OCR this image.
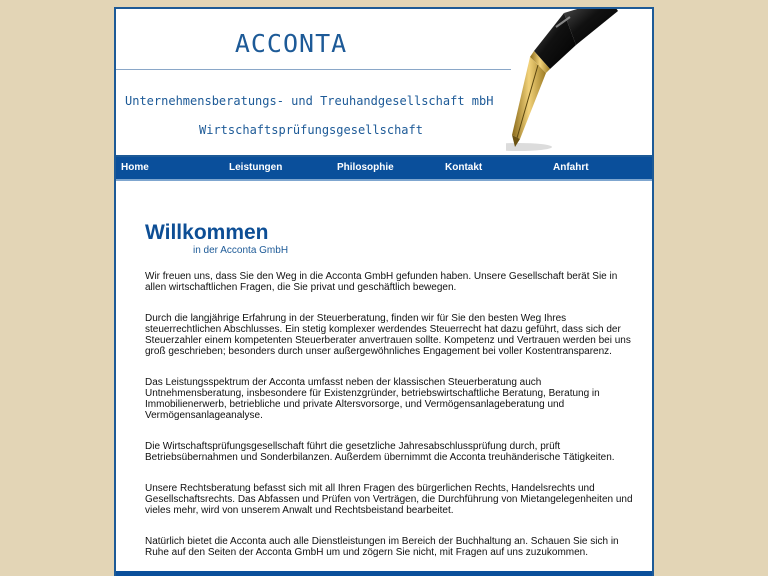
ACCONTA
Unternehmensberatungs- und Treuhandgesellschaft mbH
Wirtschaftsprüfungsgesellschaft
Home	Leistungen	Philosophie	Kontakt	Anfahrt
Willkommen
in der Acconta GmbH

Wir freuen uns, dass Sie den Weg in die Acconta GmbH gefunden haben. Unsere Gesellschaft berät Sie in allen wirtschaftlichen Fragen, die Sie privat und geschäftlich bewegen.

Durch die langjährige Erfahrung in der Steuerberatung, finden wir für Sie den besten Weg Ihres steuerrechtlichen Abschlusses. Ein stetig komplexer werdendes Steuerrecht hat dazu geführt, dass sich der Steuerzahler einem kompetenten Steuerberater anvertrauen sollte. Kompetenz und Vertrauen werden bei uns groß geschrieben; besonders durch unser außergewöhnliches Engagement bei voller Kostentransparenz.

Das Leistungsspektrum der Acconta umfasst neben der klassischen Steuerberatung auch Untnehmensberatung, insbesondere für Existenzgründer, betriebswirtschaftliche Beratung, Beratung in Immobilienerwerb, betriebliche und private Altersvorsorge, und Vermögensanlageberatung und Vermögensanlageanalyse.

Die Wirtschaftsprüfungsgesellschaft führt die gesetzliche Jahresabschlussprüfung durch, prüft Betriebsübernahmen und Sonderbilanzen. Außerdem übernimmt die Acconta treuhänderische Tätigkeiten.

Unsere Rechtsberatung befasst sich mit all Ihren Fragen des bürgerlichen Rechts, Handelsrechts und Gesellschaftsrechts. Das Abfassen und Prüfen von Verträgen, die Durchführung von Mietangelegenheiten und vieles mehr, wird von unserem Anwalt und Rechtsbeistand bearbeitet.

Natürlich bietet die Acconta auch alle Dienstleistungen im Bereich der Buchhaltung an. Schauen Sie sich in Ruhe auf den Seiten der Acconta GmbH um und zögern Sie nicht, mit Fragen auf uns zuzukommen.
